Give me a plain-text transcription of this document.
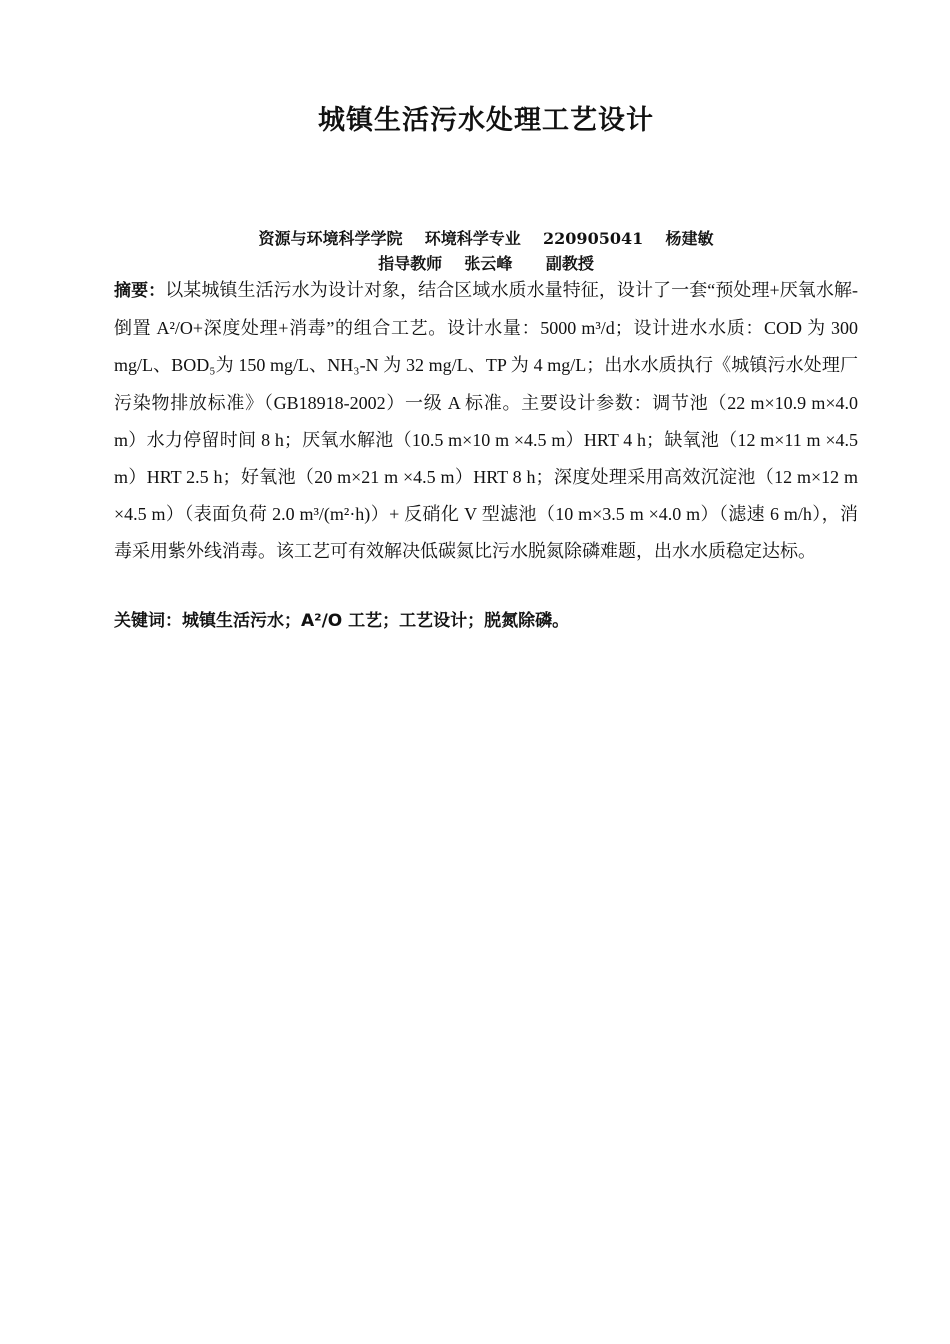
城镇生活污水处理工艺设计
资源与环境科学学院    环境科学专业    220905041    杨建敏
指导教师    张云峰      副教授

摘要：以某城镇生活污水为设计对象，结合区域水质水量特征，设计了一套“预处理+厌氧水解-倒置 A²/O+深度处理+消毒”的组合工艺。设计水量：5000 m³/d；设计进水水质：COD 为 300 mg/L、BOD₅为 150 mg/L、NH₃-N 为 32 mg/L、TP 为 4 mg/L；出水水质执行《城镇污水处理厂污染物排放标准》（GB18918-2002）一级 A 标准。主要设计参数：调节池（22 m×10.9 m×4.0 m）水力停留时间 8 h；厌氧水解池（10.5 m×10 m ×4.5 m）HRT 4 h；缺氧池（12 m×11 m ×4.5 m）HRT 2.5 h；好氧池（20 m×21 m ×4.5 m）HRT 8 h；深度处理采用高效沉淀池（12 m×12 m ×4.5 m）（表面负荷 2.0 m³/(m²·h)）+ 反硝化 V 型滤池（10 m×3.5 m ×4.0 m）（滤速 6 m/h），消毒采用紫外线消毒。该工艺可有效解决低碳氮比污水脱氮除磷难题，出水水质稳定达标。

关键词：城镇生活污水；A²/O 工艺；工艺设计；脱氮除磷。
